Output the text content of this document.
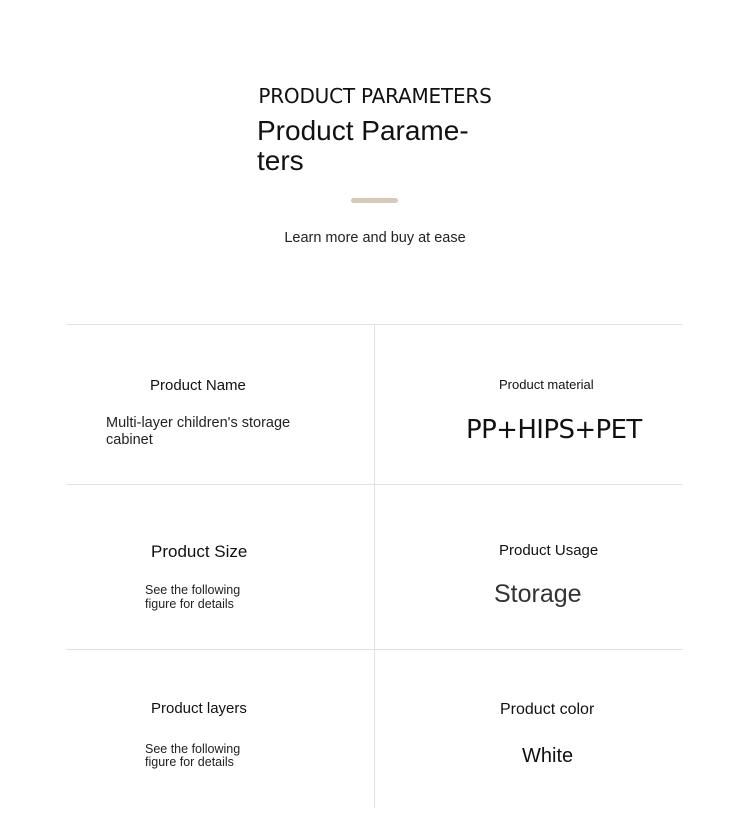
PRODUCT PARAMETERS
Product Parame-
ters
Learn more and buy at ease
Product Name
Multi-layer children's storage cabinet
Product material
PP+HIPS+PET
Product Size
See the following figure for details
Product Usage
Storage
Product layers
See the following figure for details
Product color
White
